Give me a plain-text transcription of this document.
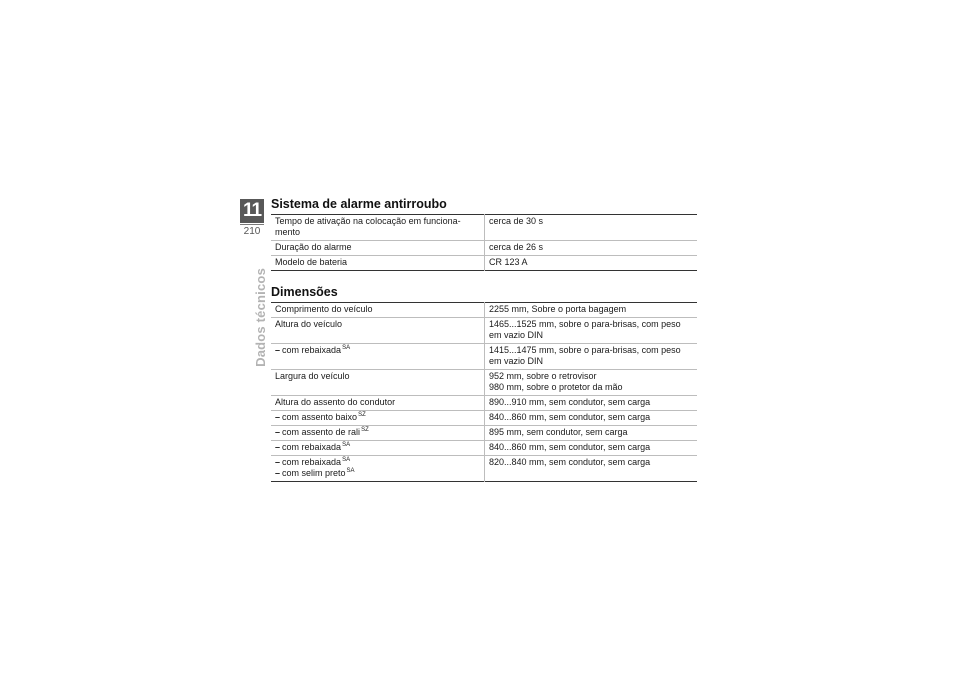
11
210
Dados técnicos
Sistema de alarme antirroubo
Tempo de ativação na colocação em funciona-
mento	cerca de 30 s

Duração do alarme	cerca de 26 s

Modelo de bateria	CR 123 A
Dimensões
Comprimento do veículo	2255 mm, Sobre o porta bagagem

Altura do veículo	1465...1525 mm, sobre o para-brisas, com peso
em vazio DIN

– com rebaixada$^{SA}$	1415...1475 mm, sobre o para-brisas, com peso
em vazio DIN

Largura do veículo	952 mm, sobre o retrovisor
980 mm, sobre o protetor da mão

Altura do assento do condutor	890...910 mm, sem condutor, sem carga

– com assento baixo$^{SZ}$	840...860 mm, sem condutor, sem carga

– com assento de rali$^{SZ}$	895 mm, sem condutor, sem carga

– com rebaixada$^{SA}$	840...860 mm, sem condutor, sem carga

– com rebaixada$^{SA}$
– com selim preto$^{SA}$	820...840 mm, sem condutor, sem carga
